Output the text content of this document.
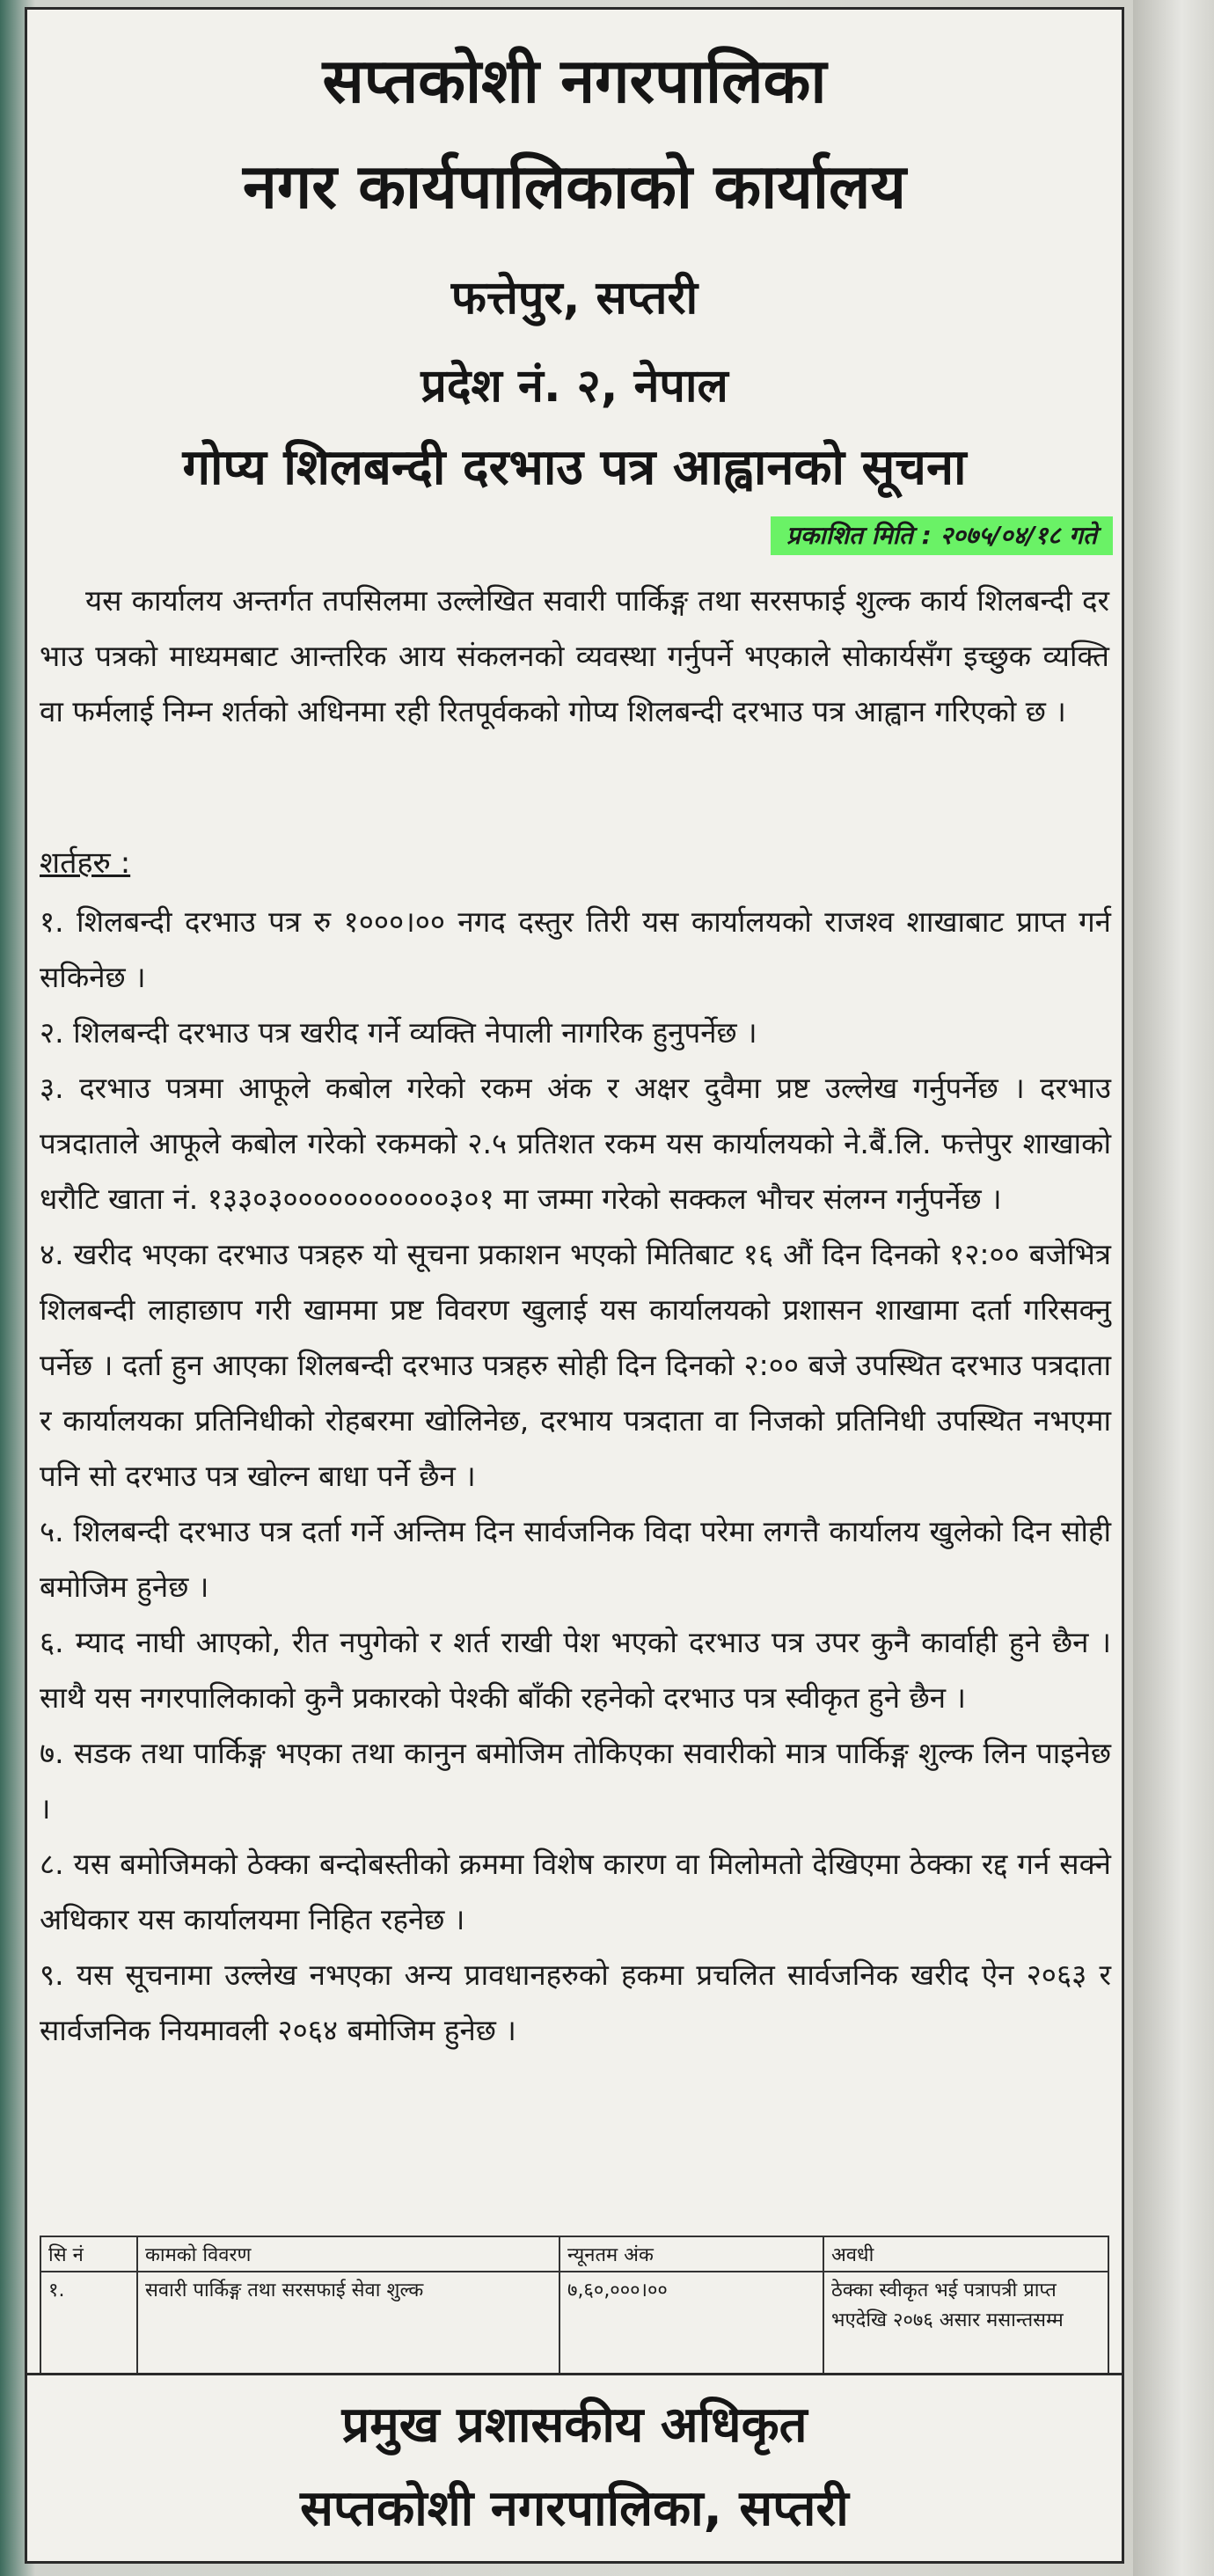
सप्तकोशी नगरपालिका
नगर कार्यपालिकाको कार्यालय
फत्तेपुर, सप्तरी
प्रदेश नं. २, नेपाल
गोप्य शिलबन्दी दरभाउ पत्र आह्वानको सूचना
प्रकाशित मिति : २०७५/०४/१८ गते

यस कार्यालय अन्तर्गत तपसिलमा उल्लेखित सवारी पार्किङ्ग तथा सरसफाई शुल्क कार्य शिलबन्दी दर भाउ पत्रको माध्यमबाट आन्तरिक आय संकलनको व्यवस्था गर्नुपर्ने भएकाले सोकार्यसँग इच्छुक व्यक्ति वा फर्मलाई निम्न शर्तको अधिनमा रही रितपूर्वकको गोप्य शिलबन्दी दरभाउ पत्र आह्वान गरिएको छ ।

शर्तहरु :

१. शिलबन्दी दरभाउ पत्र रु १०००।०० नगद दस्तुर तिरी यस कार्यालयको राजश्व शाखाबाट प्राप्त गर्न सकिनेछ ।

२. शिलबन्दी दरभाउ पत्र खरीद गर्ने व्यक्ति नेपाली नागरिक हुनुपर्नेछ ।

३. दरभाउ पत्रमा आफूले कबोल गरेको रकम अंक र अक्षर दुवैमा प्रष्ट उल्लेख गर्नुपर्नेछ । दरभाउ पत्रदाताले आफूले कबोल गरेको रकमको २.५ प्रतिशत रकम यस कार्यालयको ने.बैं.लि. फत्तेपुर शाखाको धरौटि खाता नं. १३३०३०००००००००००३०१ मा जम्मा गरेको सक्कल भौचर संलग्न गर्नुपर्नेछ ।

४. खरीद भएका दरभाउ पत्रहरु यो सूचना प्रकाशन भएको मितिबाट १६ औं दिन दिनको १२:०० बजेभित्र शिलबन्दी लाहाछाप गरी खाममा प्रष्ट विवरण खुलाई यस कार्यालयको प्रशासन शाखामा दर्ता गरिसक्नु पर्नेछ । दर्ता हुन आएका शिलबन्दी दरभाउ पत्रहरु सोही दिन दिनको २:०० बजे उपस्थित दरभाउ पत्रदाता र कार्यालयका प्रतिनिधीको रोहबरमा खोलिनेछ, दरभाय पत्रदाता वा निजको प्रतिनिधी उपस्थित नभएमा पनि सो दरभाउ पत्र खोल्न बाधा पर्ने छैन ।

५. शिलबन्दी दरभाउ पत्र दर्ता गर्ने अन्तिम दिन सार्वजनिक विदा परेमा लगत्तै कार्यालय खुलेको दिन सोही बमोजिम हुनेछ ।

६. म्याद नाघी आएको, रीत नपुगेको र शर्त राखी पेश भएको दरभाउ पत्र उपर कुनै कार्वाही हुने छैन । साथै यस नगरपालिकाको कुनै प्रकारको पेश्की बाँकी रहनेको दरभाउ पत्र स्वीकृत हुने छैन ।

७. सडक तथा पार्किङ्ग भएका तथा कानुन बमोजिम तोकिएका सवारीको मात्र पार्किङ्ग शुल्क लिन पाइनेछ ।

८. यस बमोजिमको ठेक्का बन्दोबस्तीको क्रममा विशेष कारण वा मिलोमतो देखिएमा ठेक्का रद्द गर्न सक्ने अधिकार यस कार्यालयमा निहित रहनेछ ।

९. यस सूचनामा उल्लेख नभएका अन्य प्रावधानहरुको हकमा प्रचलित सार्वजनिक खरीद ऐन २०६३ र सार्वजनिक नियमावली २०६४ बमोजिम हुनेछ ।

सि नं	कामको विवरण	न्यूनतम अंक	अवधी
१.	सवारी पार्किङ्ग तथा सरसफाई सेवा शुल्क	७,६०,०००।००	ठेक्का स्वीकृत भई पत्रापत्री प्राप्त भएदेखि २०७६ असार मसान्तसम्म
प्रमुख प्रशासकीय अधिकृत
सप्तकोशी नगरपालिका, सप्तरी
